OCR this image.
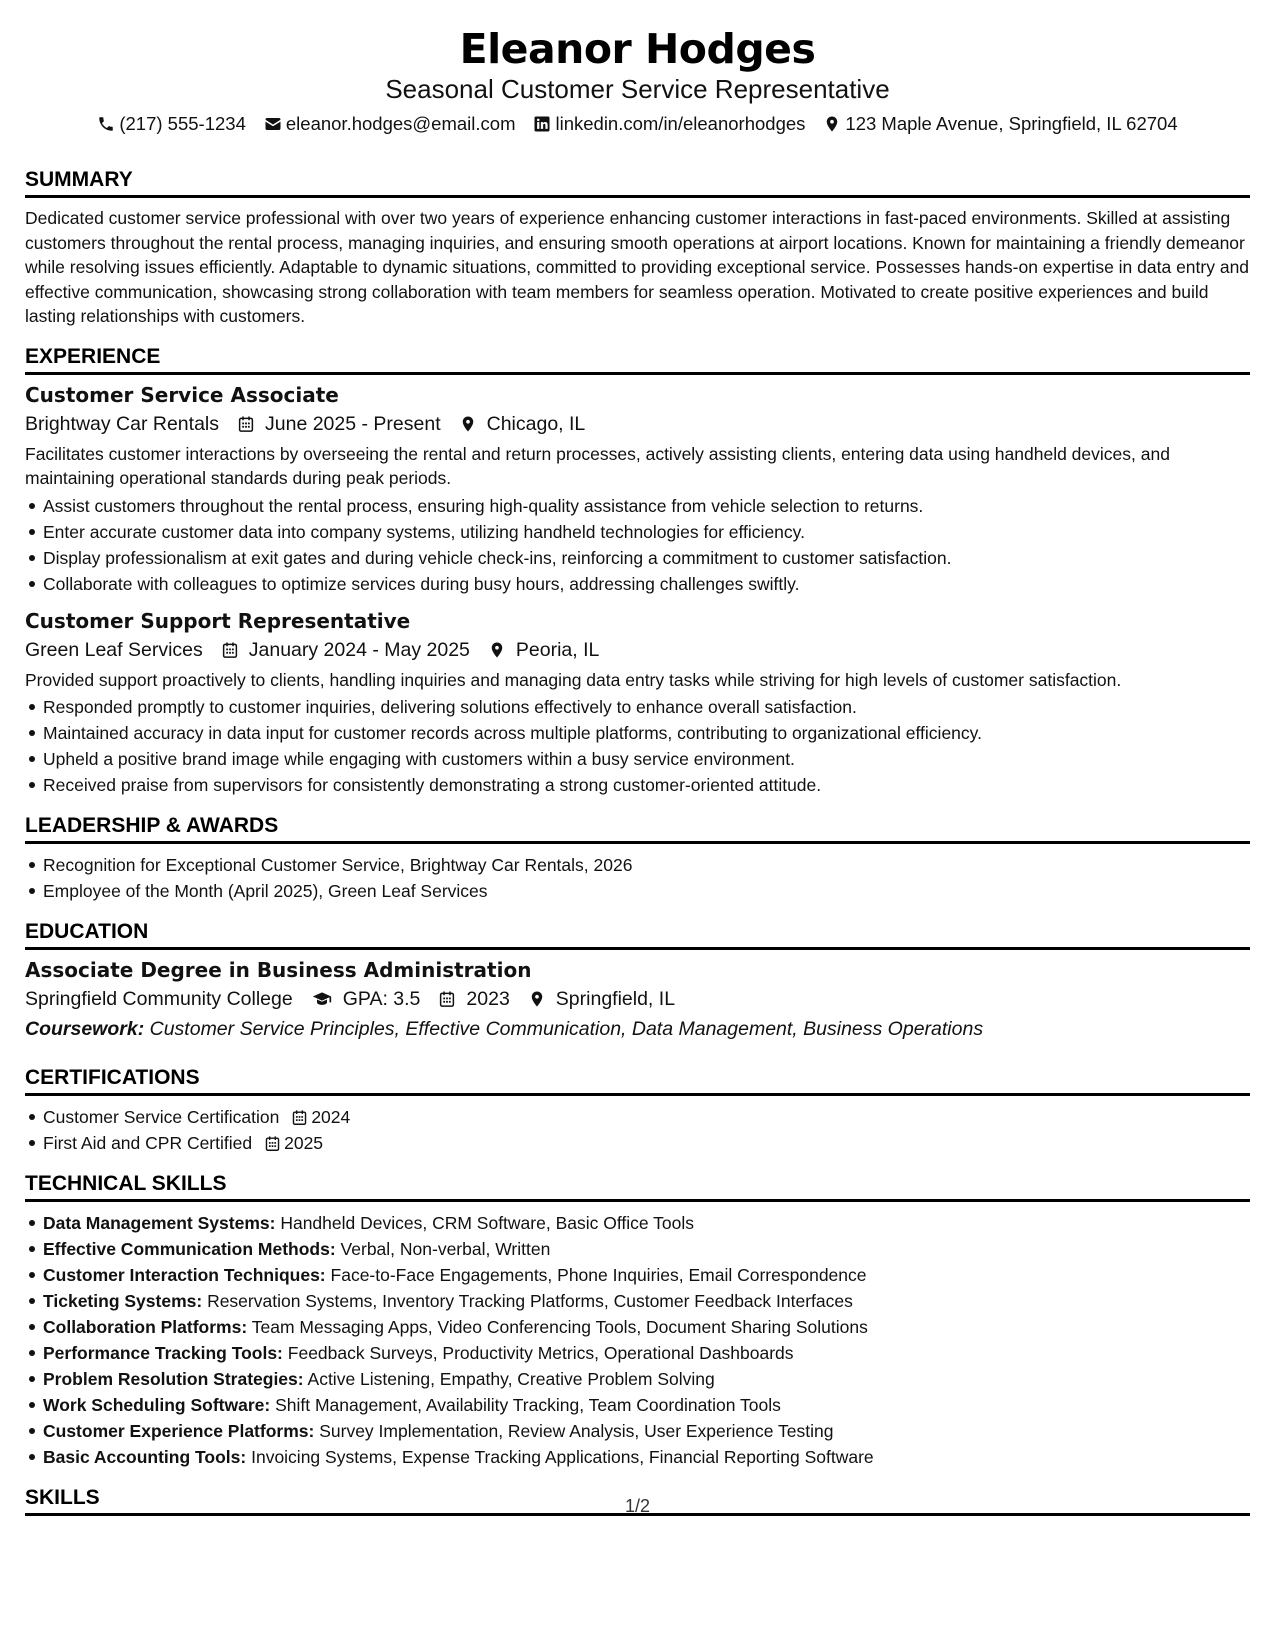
Eleanor Hodges
Seasonal Customer Service Representative
(217) 555-1234 eleanor.hodges@email.com linkedin.com/in/eleanorhodges 123 Maple Avenue, Springfield, IL 62704
SUMMARY

Dedicated customer service professional with over two years of experience enhancing customer interactions in fast-paced environments. Skilled at assisting customers throughout the rental process, managing inquiries, and ensuring smooth operations at airport locations. Known for maintaining a friendly demeanor while resolving issues efficiently. Adaptable to dynamic situations, committed to providing exceptional service. Possesses hands-on expertise in data entry and effective communication, showcasing strong collaboration with team members for seamless operation. Motivated to create positive experiences and build lasting relationships with customers.

EXPERIENCE
Customer Service Associate
Brightway Car Rentals June 2025 - Present Chicago, IL

Facilitates customer interactions by overseeing the rental and return processes, actively assisting clients, entering data using handheld devices, and maintaining operational standards during peak periods.

Assist customers throughout the rental process, ensuring high-quality assistance from vehicle selection to returns.
Enter accurate customer data into company systems, utilizing handheld technologies for efficiency.
Display professionalism at exit gates and during vehicle check-ins, reinforcing a commitment to customer satisfaction.
Collaborate with colleagues to optimize services during busy hours, addressing challenges swiftly.
Customer Support Representative
Green Leaf Services January 2024 - May 2025 Peoria, IL

Provided support proactively to clients, handling inquiries and managing data entry tasks while striving for high levels of customer satisfaction.

Responded promptly to customer inquiries, delivering solutions effectively to enhance overall satisfaction.
Maintained accuracy in data input for customer records across multiple platforms, contributing to organizational efficiency.
Upheld a positive brand image while engaging with customers within a busy service environment.
Received praise from supervisors for consistently demonstrating a strong customer-oriented attitude.
LEADERSHIP & AWARDS
Recognition for Exceptional Customer Service, Brightway Car Rentals, 2026
Employee of the Month (April 2025), Green Leaf Services
EDUCATION
Associate Degree in Business Administration
Springfield Community College	GPA: 3.5 2023 Springfield, IL
Coursework: Customer Service Principles, Effective Communication, Data Management, Business Operations
CERTIFICATIONS
Customer Service Certification 2024
First Aid and CPR Certified 2025
TECHNICAL SKILLS
Data Management Systems: Handheld Devices, CRM Software, Basic Office Tools
Effective Communication Methods: Verbal, Non-verbal, Written
Customer Interaction Techniques: Face-to-Face Engagements, Phone Inquiries, Email Correspondence
Ticketing Systems: Reservation Systems, Inventory Tracking Platforms, Customer Feedback Interfaces
Collaboration Platforms: Team Messaging Apps, Video Conferencing Tools, Document Sharing Solutions
Performance Tracking Tools: Feedback Surveys, Productivity Metrics, Operational Dashboards
Problem Resolution Strategies: Active Listening, Empathy, Creative Problem Solving
Work Scheduling Software: Shift Management, Availability Tracking, Team Coordination Tools
Customer Experience Platforms: Survey Implementation, Review Analysis, User Experience Testing
Basic Accounting Tools: Invoicing Systems, Expense Tracking Applications, Financial Reporting Software
SKILLS	1/2
